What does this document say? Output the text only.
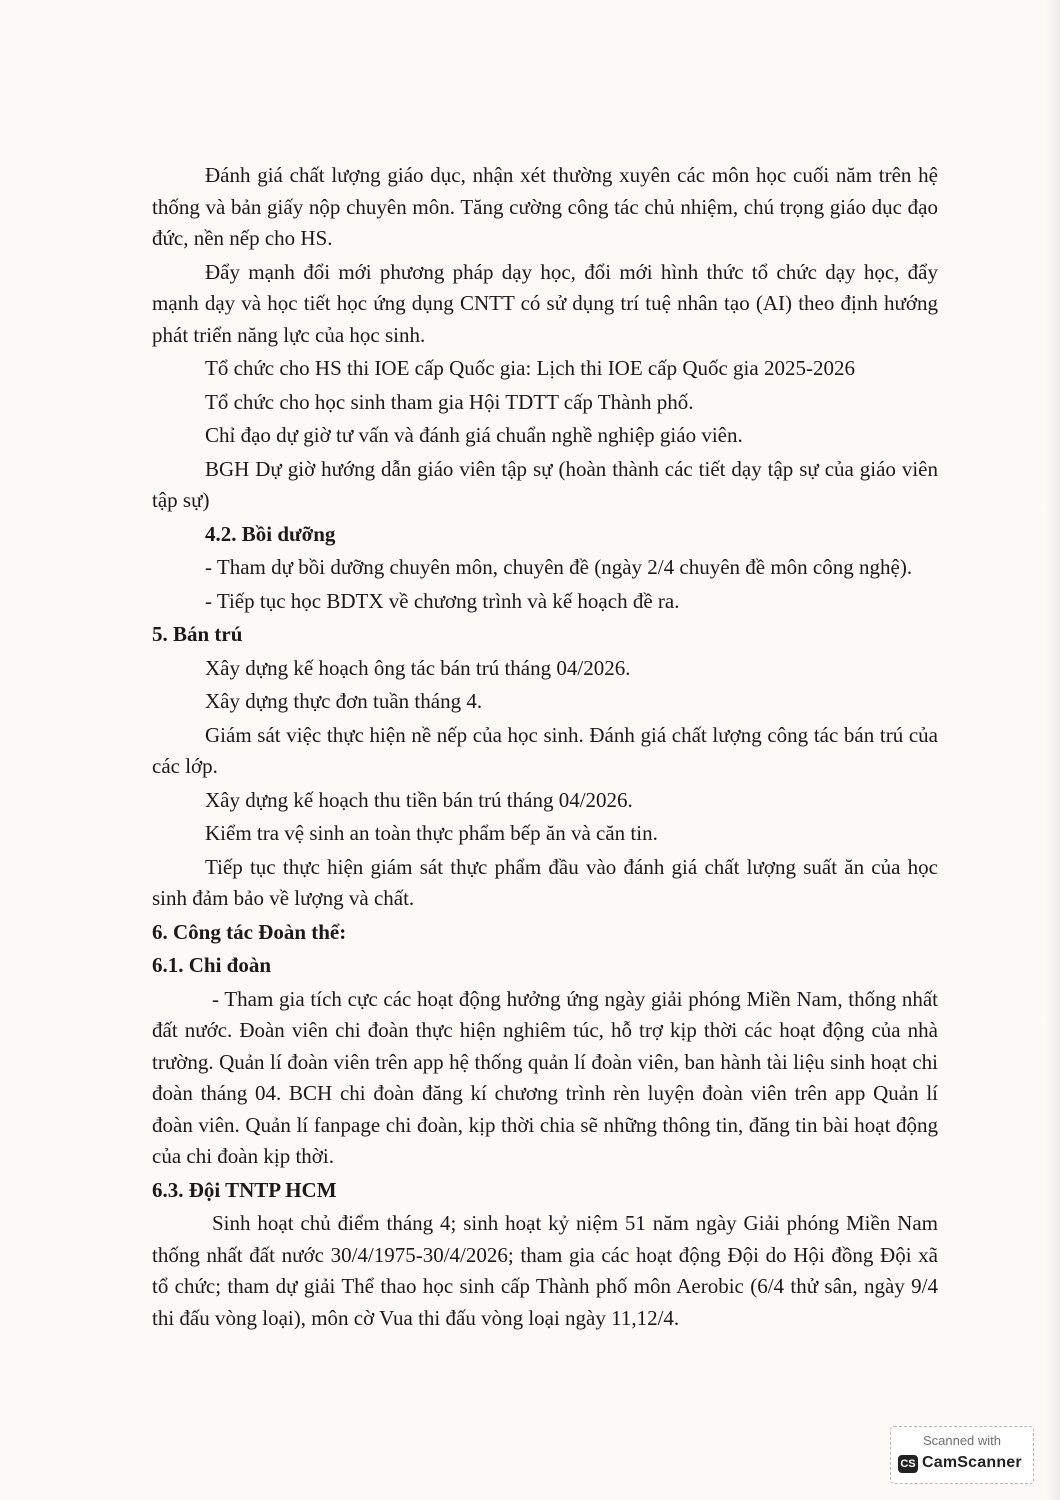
Đánh giá chất lượng giáo dục, nhận xét thường xuyên các môn học cuối năm trên hệ thống và bản giấy nộp chuyên môn. Tăng cường công tác chủ nhiệm, chú trọng giáo dục đạo đức, nền nếp cho HS.

Đẩy mạnh đổi mới phương pháp dạy học, đổi mới hình thức tổ chức dạy học, đẩy mạnh dạy và học tiết học ứng dụng CNTT có sử dụng trí tuệ nhân tạo (AI) theo định hướng phát triển năng lực của học sinh.

Tổ chức cho HS thi IOE cấp Quốc gia: Lịch thi IOE cấp Quốc gia 2025-2026

Tổ chức cho học sinh tham gia Hội TDTT cấp Thành phố.

Chỉ đạo dự giờ tư vấn và đánh giá chuẩn nghề nghiệp giáo viên.

BGH Dự giờ hướng dẫn giáo viên tập sự (hoàn thành các tiết dạy tập sự của giáo viên tập sự)

4.2. Bồi dưỡng

- Tham dự bồi dưỡng chuyên môn, chuyên đề (ngày 2/4 chuyên đề môn công nghệ).

- Tiếp tục học BDTX về chương trình và kế hoạch đề ra.

5. Bán trú

Xây dựng kế hoạch ông tác bán trú tháng 04/2026.

Xây dựng thực đơn tuần tháng 4.

Giám sát việc thực hiện nề nếp của học sinh. Đánh giá chất lượng công tác bán trú của các lớp.

Xây dựng kế hoạch thu tiền bán trú tháng 04/2026.

Kiểm tra vệ sinh an toàn thực phẩm bếp ăn và căn tin.

Tiếp tục thực hiện giám sát thực phẩm đầu vào đánh giá chất lượng suất ăn của học sinh đảm bảo về lượng và chất.

6. Công tác Đoàn thể:

6.1. Chi đoàn

- Tham gia tích cực các hoạt động hưởng ứng ngày giải phóng Miền Nam, thống nhất đất nước. Đoàn viên chi đoàn thực hiện nghiêm túc, hỗ trợ kịp thời các hoạt động của nhà trường. Quản lí đoàn viên trên app hệ thống quản lí đoàn viên, ban hành tài liệu sinh hoạt chi đoàn tháng 04. BCH chi đoàn đăng kí chương trình rèn luyện đoàn viên trên app Quản lí đoàn viên. Quản lí fanpage chi đoàn, kịp thời chia sẽ những thông tin, đăng tin bài hoạt động của chi đoàn kịp thời.

6.3. Đội TNTP HCM

Sinh hoạt chủ điểm tháng 4; sinh hoạt kỷ niệm 51 năm ngày Giải phóng Miền Nam thống nhất đất nước 30/4/1975-30/4/2026; tham gia các hoạt động Đội do Hội đồng Đội xã tổ chức; tham dự giải Thể thao học sinh cấp Thành phố môn Aerobic (6/4 thử sân, ngày 9/4 thi đấu vòng loại), môn cờ Vua thi đấu vòng loại ngày 11,12/4.

Scanned with
CS CamScanner
